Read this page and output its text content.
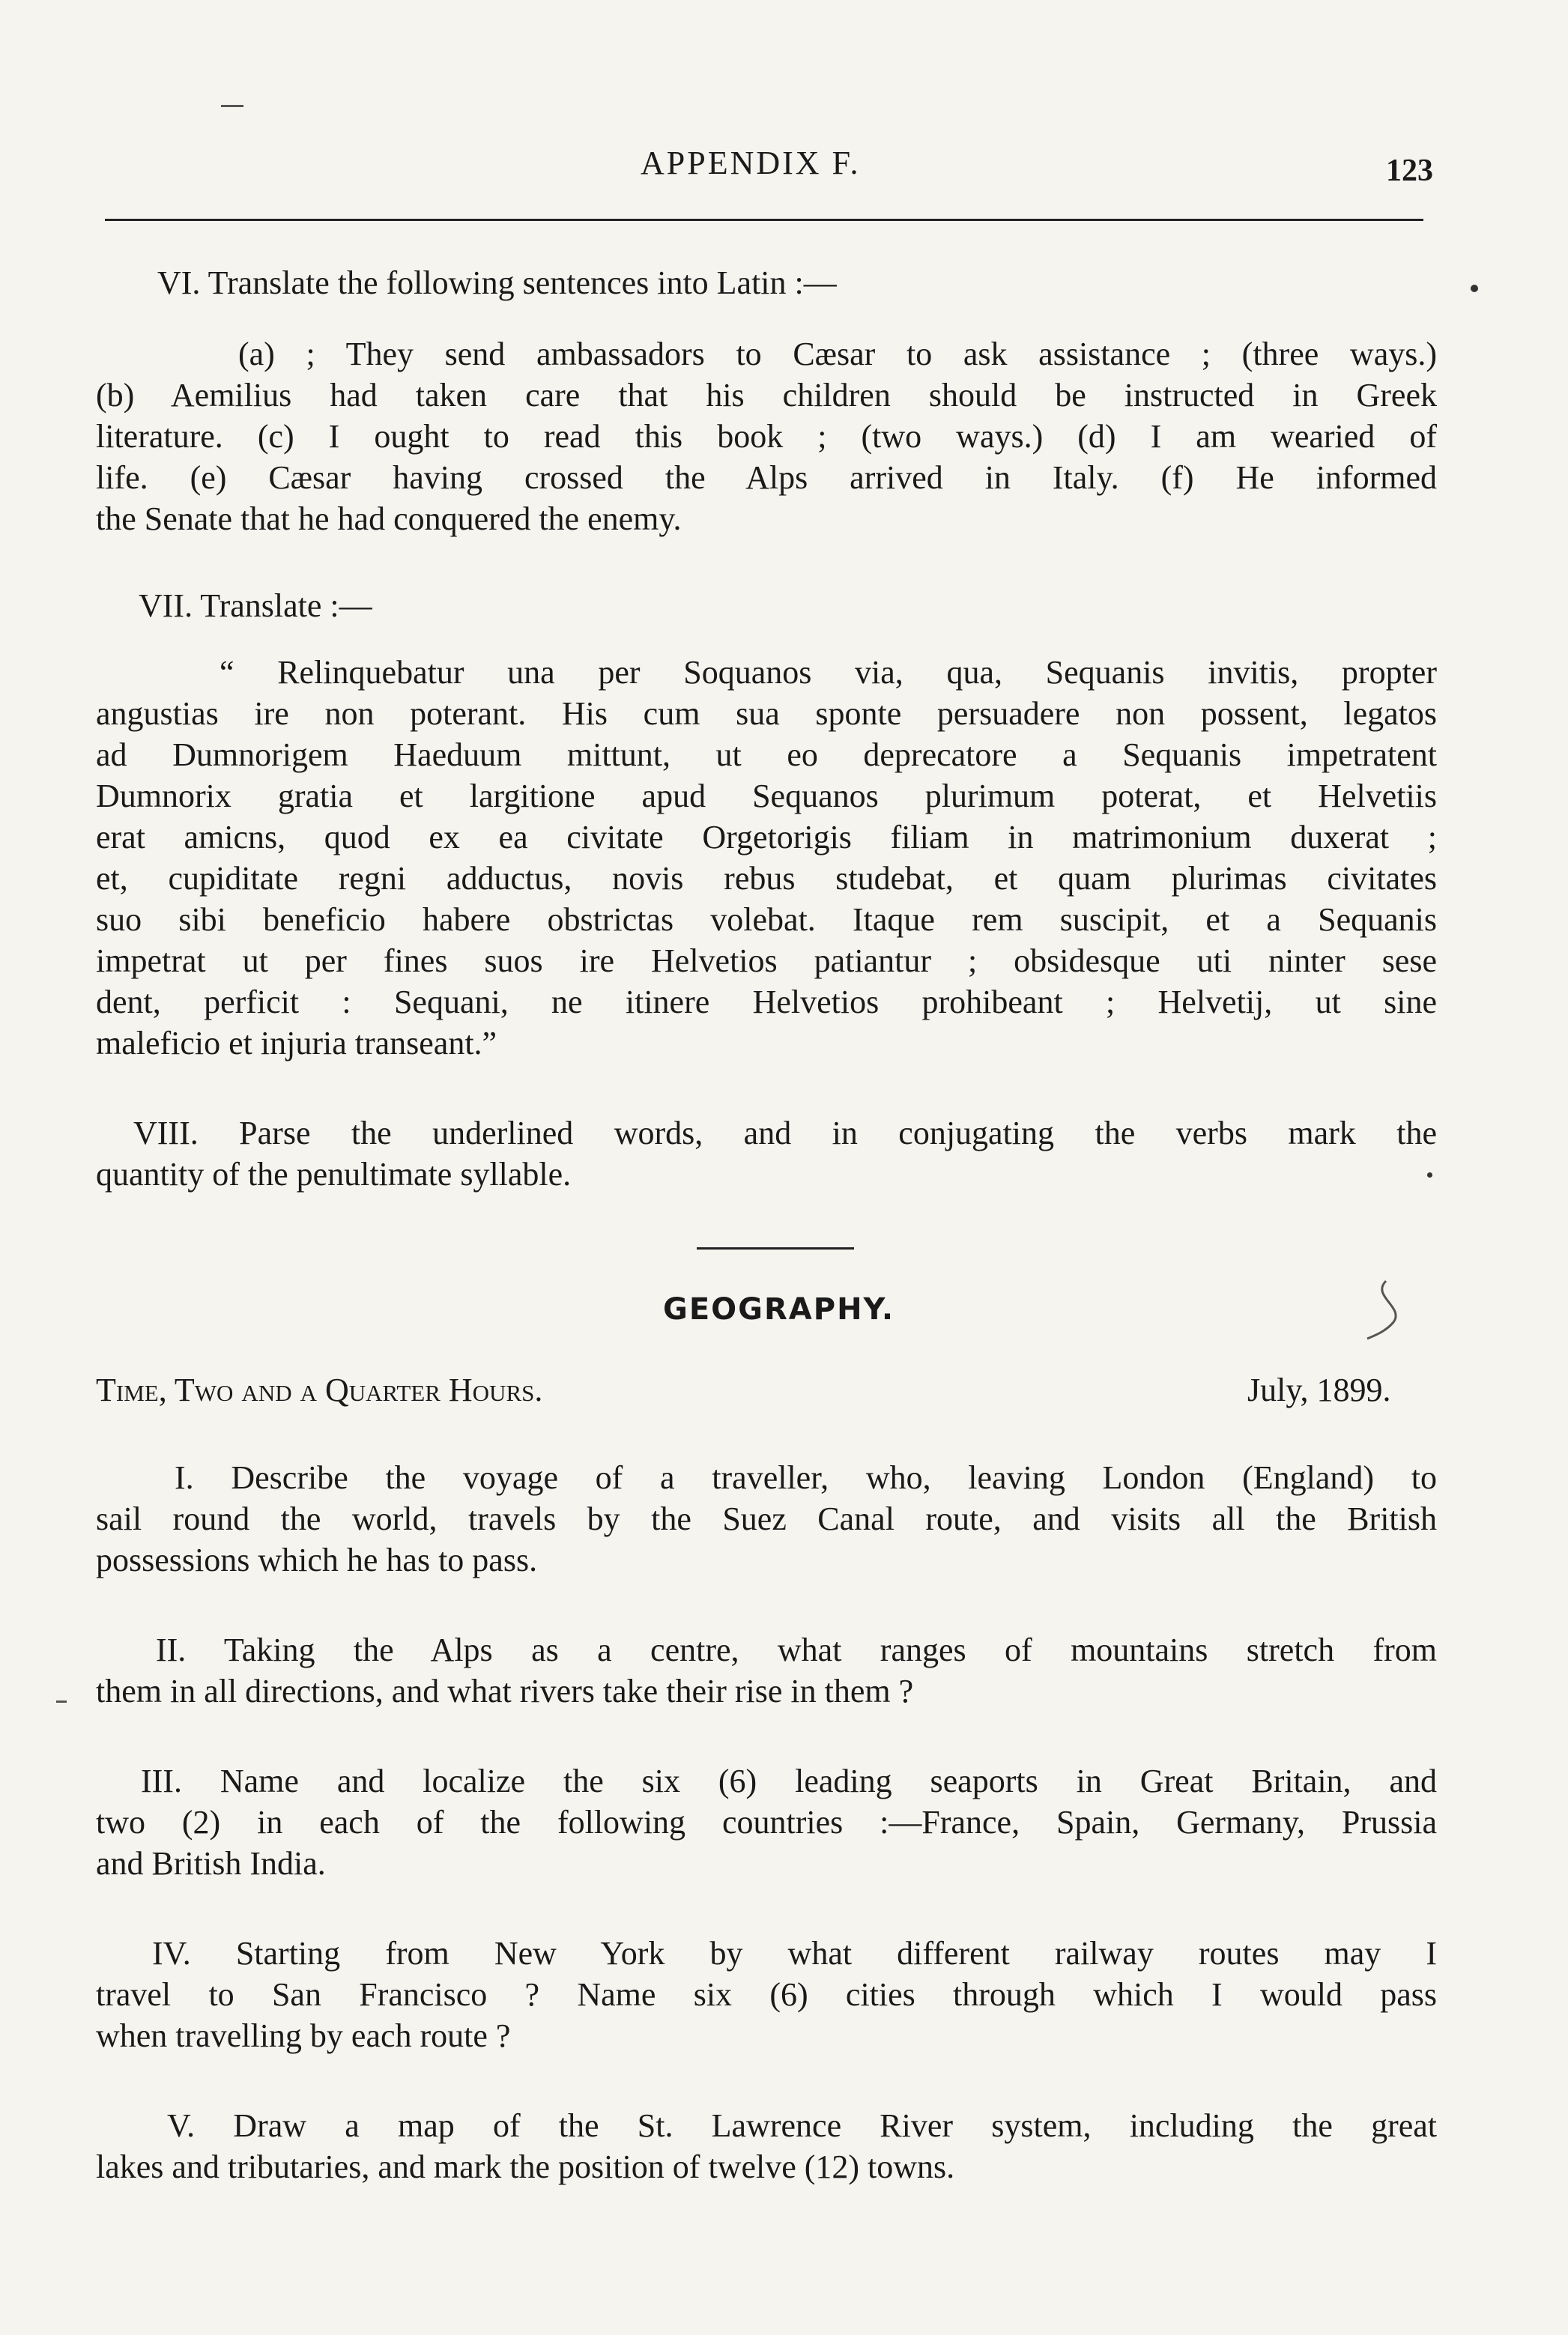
APPENDIX F.	123
VI. Translate the following sentences into Latin :—
(a) ; They send ambassadors to Cæsar to ask assistance ; (three ways.)
(b) Aemilius had taken care that his children should be instructed in Greek
literature. (c) I ought to read this book ; (two ways.) (d) I am wearied of
life. (e) Cæsar having crossed the Alps arrived in Italy. (f) He informed
the Senate that he had conquered the enemy.
VII. Translate :—
“ Relinquebatur una per Soquanos via, qua, Sequanis invitis, propter
angustias ire non poterant. His cum sua sponte persuadere non possent, legatos
ad Dumnorigem Haeduum mittunt, ut eo deprecatore a Sequanis impetratent
Dumnorix gratia et largitione apud Sequanos plurimum poterat, et Helvetiis
erat amicns, quod ex ea civitate Orgetorigis filiam in matrimonium duxerat ;
et, cupiditate regni adductus, novis rebus studebat, et quam plurimas civitates
suo sibi beneficio habere obstrictas volebat. Itaque rem suscipit, et a Sequanis
impetrat ut per fines suos ire Helvetios patiantur ; obsidesque uti ninter sese
dent, perficit : Sequani, ne itinere Helvetios prohibeant ; Helvetij, ut sine
maleficio et injuria transeant.”
VIII. Parse the underlined words, and in conjugating the verbs mark the
quantity of the penultimate syllable.
GEOGRAPHY.
Time, Two and a Quarter Hours.	July, 1899.
I. Describe the voyage of a traveller, who, leaving London (England) to
sail round the world, travels by the Suez Canal route, and visits all the British
possessions which he has to pass.
II. Taking the Alps as a centre, what ranges of mountains stretch from
them in all directions, and what rivers take their rise in them ?
III. Name and localize the six (6) leading seaports in Great Britain, and
two (2) in each of the following countries :—France, Spain, Germany, Prussia
and British India.
IV. Starting from New York by what different railway routes may I
travel to San Francisco ? Name six (6) cities through which I would pass
when travelling by each route ?
V. Draw a map of the St. Lawrence River system, including the great
lakes and tributaries, and mark the position of twelve (12) towns.
